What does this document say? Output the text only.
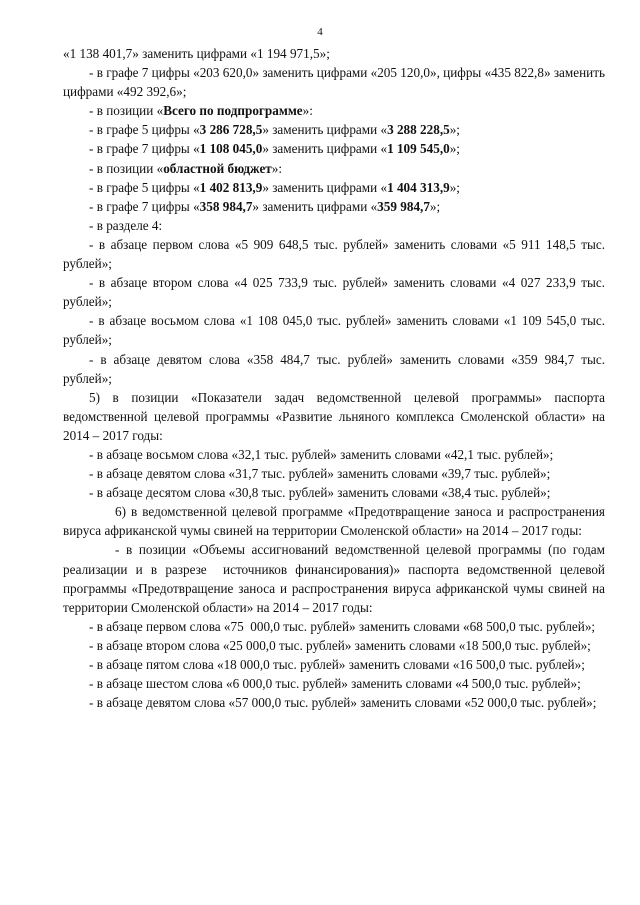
4

«1 138 401,7» заменить цифрами «1 194 971,5»;

- в графе 7 цифры «203 620,0» заменить цифрами «205 120,0», цифры «435 822,8» заменить цифрами «492 392,6»;

- в позиции «Всего по подпрограмме»:

- в графе 5 цифры «3 286 728,5» заменить цифрами «3 288 228,5»;

- в графе 7 цифры «1 108 045,0» заменить цифрами «1 109 545,0»;

- в позиции «областной бюджет»:

- в графе 5 цифры «1 402 813,9» заменить цифрами «1 404 313,9»;

- в графе 7 цифры «358 984,7» заменить цифрами «359 984,7»;

- в разделе 4:

- в абзаце первом слова «5 909 648,5 тыс. рублей» заменить словами «5 911 148,5 тыс. рублей»;

- в абзаце втором слова «4 025 733,9 тыс. рублей» заменить словами «4 027 233,9 тыс. рублей»;

- в абзаце восьмом слова «1 108 045,0 тыс. рублей» заменить словами «1 109 545,0 тыс. рублей»;

- в абзаце девятом слова «358 484,7 тыс. рублей» заменить словами «359 984,7 тыс. рублей»;

5) в позиции «Показатели задач ведомственной целевой программы» паспорта ведомственной целевой программы «Развитие льняного комплекса Смоленской области» на 2014 – 2017 годы:

- в абзаце восьмом слова «32,1 тыс. рублей» заменить словами «42,1 тыс. рублей»;

- в абзаце девятом слова «31,7 тыс. рублей» заменить словами «39,7 тыс. рублей»;

- в абзаце десятом слова «30,8 тыс. рублей» заменить словами «38,4 тыс. рублей»;

6) в ведомственной целевой программе «Предотвращение заноса и распространения вируса африканской чумы свиней на территории Смоленской области» на 2014 – 2017 годы:

- в позиции «Объемы ассигнований ведомственной целевой программы (по годам реализации и в разрезе  источников финансирования)» паспорта ведомственной целевой программы «Предотвращение заноса и распространения вируса африканской чумы свиней на территории Смоленской области» на 2014 – 2017 годы:

- в абзаце первом слова «75  000,0 тыс. рублей» заменить словами «68 500,0 тыс. рублей»;

- в абзаце втором слова «25 000,0 тыс. рублей» заменить словами «18 500,0 тыс. рублей»;

- в абзаце пятом слова «18 000,0 тыс. рублей» заменить словами «16 500,0 тыс. рублей»;

- в абзаце шестом слова «6 000,0 тыс. рублей» заменить словами «4 500,0 тыс. рублей»;

- в абзаце девятом слова «57 000,0 тыс. рублей» заменить словами «52 000,0 тыс. рублей»;
